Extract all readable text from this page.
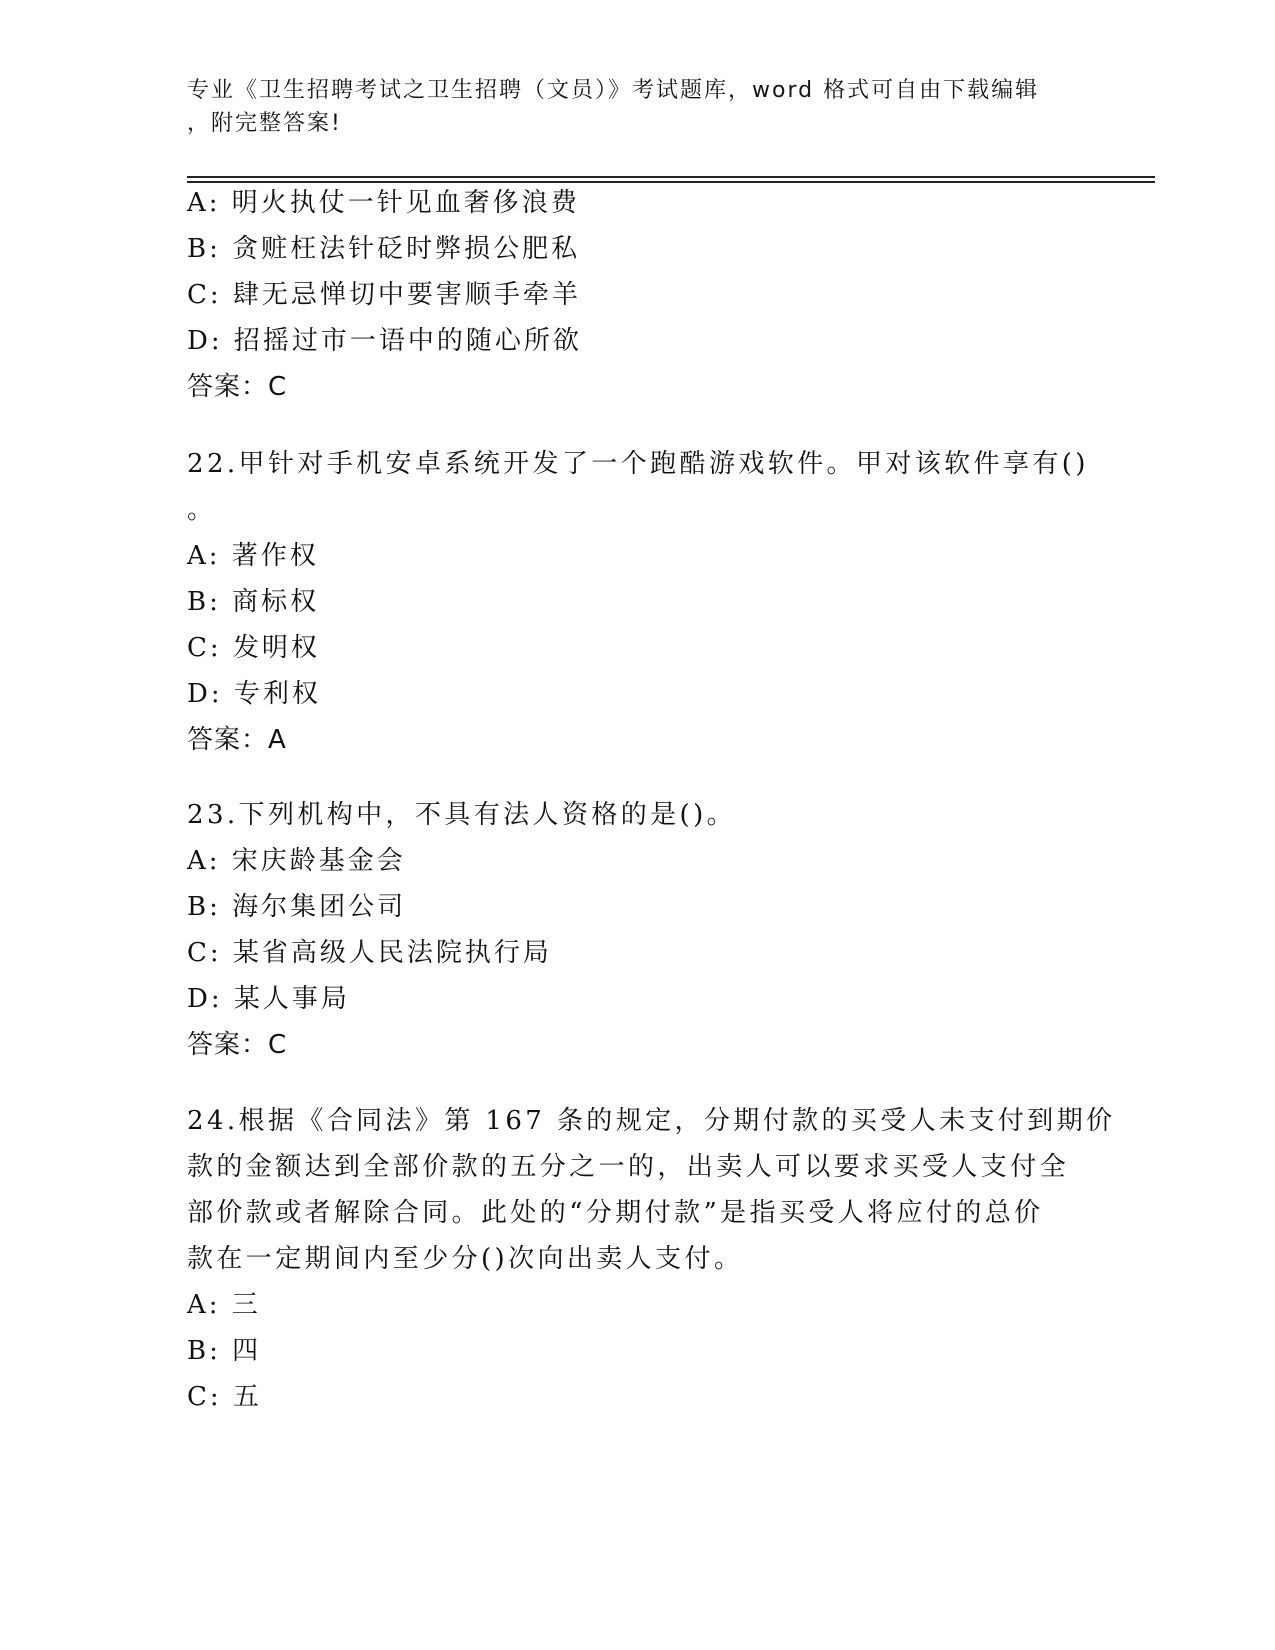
专业《卫生招聘考试之卫生招聘（文员）》考试题库，word 格式可自由下载编辑
，附完整答案!
A: 明火执仗一针见血奢侈浪费
B: 贪赃枉法针砭时弊损公肥私
C: 肆无忌惮切中要害顺手牵羊
D: 招摇过市一语中的随心所欲
答案：C
22.甲针对手机安卓系统开发了一个跑酷游戏软件。甲对该软件享有()
。
A: 著作权
B: 商标权
C: 发明权
D: 专利权
答案：A
23.下列机构中，不具有法人资格的是()。
A: 宋庆龄基金会
B: 海尔集团公司
C: 某省高级人民法院执行局
D: 某人事局
答案：C
24.根据《合同法》第 167 条的规定，分期付款的买受人未支付到期价
款的金额达到全部价款的五分之一的，出卖人可以要求买受人支付全
部价款或者解除合同。此处的“分期付款”是指买受人将应付的总价
款在一定期间内至少分()次向出卖人支付。
A: 三
B: 四
C: 五
